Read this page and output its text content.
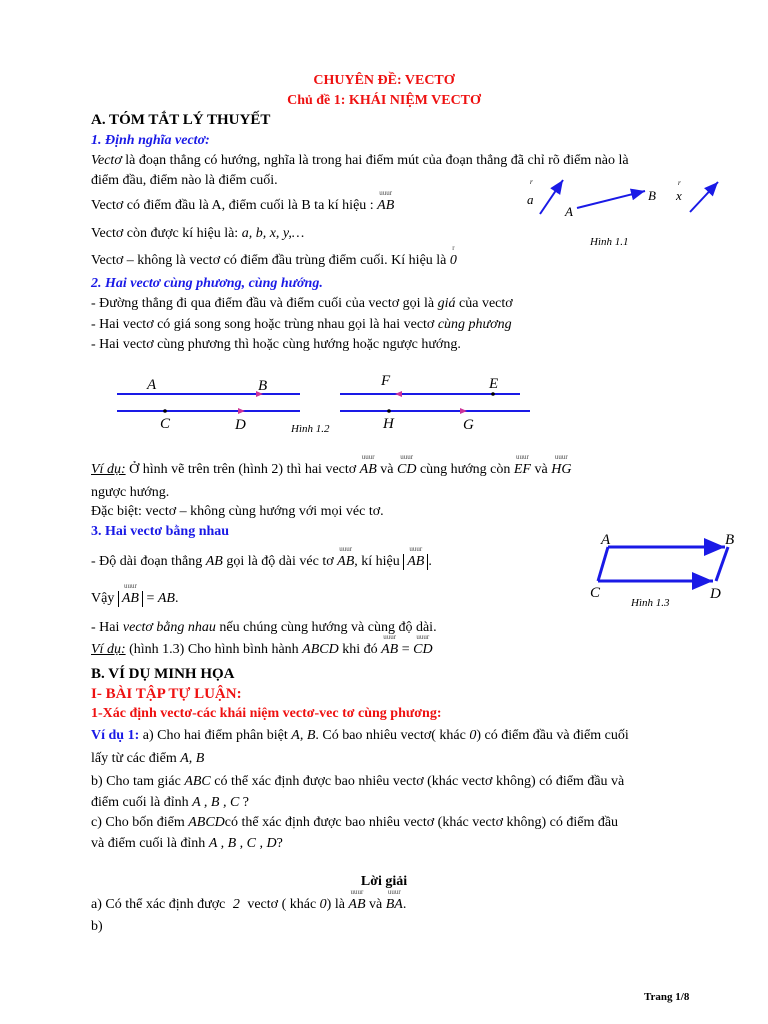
CHUYÊN ĐỀ: VECTƠ
Chủ đề 1: KHÁI NIỆM VECTƠ
A. TÓM TẮT LÝ THUYẾT
1. Định nghĩa vectơ:
Vectơ là đoạn thẳng có hướng, nghĩa là trong hai điểm mút của đoạn thẳng đã chỉ rõ điểm nào là
điểm đầu, điểm nào là điểm cuối.
Vectơ có điểm đầu là A, điểm cuối là B ta kí hiệu :
uuur
AB
Vectơ còn được kí hiệu là: a, b, x, y,…
Vectơ – không là vectơ có điểm đầu trùng điểm cuối. Kí hiệu là
r
0
r
a
A
B
r
x
Hình 1.1
2. Hai vectơ cùng phương, cùng hướng.
- Đường thẳng đi qua điểm đầu và điểm cuối của vectơ gọi là giá của vectơ
- Hai vectơ có giá song song hoặc trùng nhau gọi là hai vectơ cùng phương
- Hai vectơ cùng phương thì hoặc cùng hướng hoặc ngược hướng.
A	B
C	D
F	E
H	G
Hình 1.2
Ví dụ: Ở hình vẽ trên trên (hình 2) thì hai vectơ
uuur
AB và
uuur
CD cùng hướng còn
uuur
EF và
uuur
HG
ngược hướng.
Đặc biệt: vectơ – không cùng hướng với mọi véc tơ.
3. Hai vectơ bằng nhau
- Độ dài đoạn thẳng AB gọi là độ dài véc tơ
uuur
AB, kí hiệu
uuur
AB .
Vậy
uuur
AB = AB.
A	B
C	D
Hình 1.3
- Hai vectơ bằng nhau nếu chúng cùng hướng và cùng độ dài.
Ví dụ: (hình 1.3) Cho hình bình hành ABCD khi đó
uuur
AB =
uuur
CD
B. VÍ DỤ MINH HỌA
I- BÀI TẬP TỰ LUẬN:
1-Xác định vectơ-các khái niệm vectơ-vec tơ cùng phương:
Ví dụ 1: a) Cho hai điểm phân biệt A, B. Có bao nhiêu vectơ( khác 0) có điểm đầu và điểm cuối
lấy từ các điểm A, B
b) Cho tam giác ABC có thể xác định được bao nhiêu vectơ (khác vectơ không) có điểm đầu và
điểm cuối là đỉnh A , B , C ?
c) Cho bốn điểm ABCDcó thể xác định được bao nhiêu vectơ (khác vectơ không) có điểm đầu
và điểm cuối là đỉnh A , B , C , D?
Lời giải
a) Có thể xác định được 2 vectơ ( khác 0) là
uuur
AB và
uuur
BA.
b)
Trang 1/8
